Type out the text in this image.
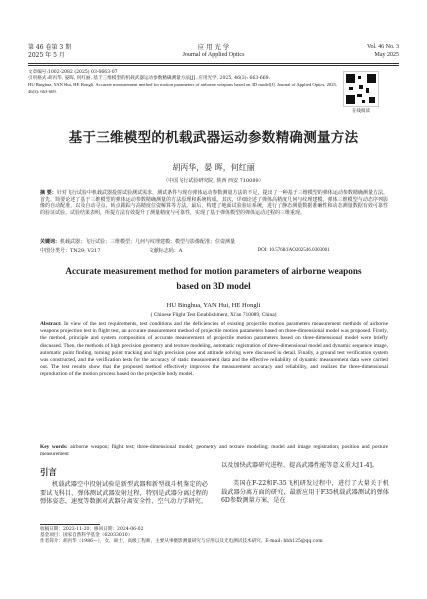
第 46 卷第 3 期
2025 年 5 月
应 用 光 学
Journal of Applied Optics
Vol. 46 No. 3
May 2025
文章编号:1002-2082 (2025) 03-0663-07
引用格式:胡丙华, 晏晖, 何红丽. 基于三维模型的机载武器运动参数精确测量方法[J]. 应用光学, 2025, 46(3): 663-669.
HU Binghua, YAN Hui, HE Hongli. Accurate measurement method for motion parameters of airborne weapons based on 3D model[J]. Journal of Applied Optics, 2025, 46(3): 663-669.
在线阅读
基于三维模型的机载武器运动参数精确测量方法
胡丙华，晏 晖，何红丽
（中国飞行试验研究院, 陕西 西安 710089）
摘 要：针对飞行试验中机载武器投射试验测试需求，测试条件与现有弹体运动参数测量方法的不足，提出了一种基于三维模型的弹体运动参数精确测量方法。首先，简要论述了基于三维模型的弹体运动参数精确测量的方法原理和系统构成。其次，详细论述了弹体高精度几何与纹理建模、弹体三维模型与动态序列影像的自动配准，以及自动寻点、转点跟踪与高精度位姿解算等方法。最后，构建了地面试验验证系统，进行了静态测量数据准确性和动态测量数据有效可靠性的验证试验。试验结果表明，所提方法有效提升了测量精度与可靠性，实现了基于弹体模型的弹体运动过程的三维重现。
关键词：机载武器；飞行试验；三维模型；几何与纹理建模；模型与影像配准；位姿测量
中图分类号：TN29; V217	文献标志码：A	DOI: 10.5768/JAO202546.0303001
Accurate measurement method for motion parameters of airborne weapons based on 3D model
HU Binghua, YAN Hui, HE Hongli
( Chinese Flight Test Establishment, Xi'an 710089, China)
Abstract: In view of the test requirements, test conditions and the deficiencies of existing projectile motion parameters measurement methods of airborne weapons projection test in flight test, an accurate measurement method of projectile motion parameters based on three-dimensional model was proposed. Firstly, the method, principle and system composition of accurate measurement of projectile motion parameters based on three-dimensional model were briefly discussed. Then, the methods of high precision geometry and texture modeling, automatic registration of three-dimensional model and dynamic sequence image, automatic point finding, turning point tracking and high precision pose and attitude solving were discussed in detail. Finally, a ground test verification system was constructed, and the verification tests for the accuracy of static measurement data and the effective reliability of dynamic measurement data were carried out. The test results show that the proposed method effectively improves the measurement accuracy and reliability, and realizes the three-dimensional reproduction of the motion process based on the projectile body model.
Key words: airborne weapon; flight test; three-dimensional model; geometry and texture modeling; model and image registration; position and posture measurement
引言
机载武器空中投射试验是新型武器和新型战斗机鉴定的必要试飞科目，弹体测试武器发射过程，特别是武器分离过程的弹体姿态、速度等数据对武器分离安全性、空气动力学研究、
以及加快武器研究进程、提高武器性能等意义重大[1-4]。
美国在F-22和F-35飞机研发过程中，进行了大量关于机载武器分离方面的研究，最新应用于F35机载武器测试的弹体6D参数测量方案，是在
收稿日期：2023-11-20；修回日期：2024-06-02
基金项目：国家自然科学基金（62033010）
作者简介：胡丙华（1986—），女，硕士，高级工程师，主要从事摄影测量研究与应用以及光电测试技术研究。E-mail: hbh125@qq.com
